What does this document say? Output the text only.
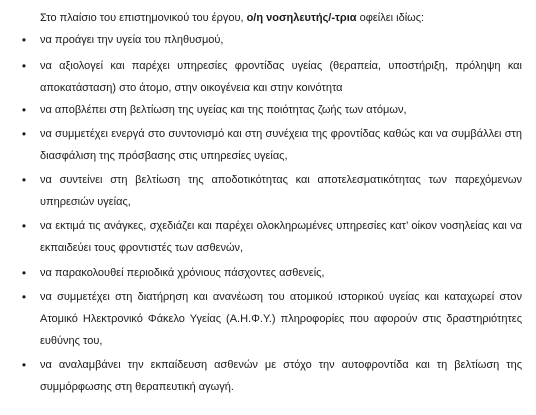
Στο πλαίσιο του επιστημονικού του έργου, ο/η νοσηλευτής/-τρια οφείλει ιδίως:
• να προάγει την υγεία του πληθυσμού,
• να αξιολογεί και παρέχει υπηρεσίες φροντίδας υγείας (θεραπεία, υποστήριξη, πρόληψη και αποκατάσταση) στο άτομο, στην οικογένεια και στην κοινότητα
• να αποβλέπει στη βελτίωση της υγείας και της ποιότητας ζωής των ατόμων,
• να συμμετέχει ενεργά στο συντονισμό και στη συνέχεια της φροντίδας καθώς και να συμβάλλει στη διασφάλιση της πρόσβασης στις υπηρεσίες υγείας,
• να συντείνει στη βελτίωση της αποδοτικότητας και αποτελεσματικότητας των παρεχόμενων υπηρεσιών υγείας,
• να εκτιμά τις ανάγκες, σχεδιάζει και παρέχει ολοκληρωμένες υπηρεσίες κατ’ οίκον νοσηλείας και να εκπαιδεύει τους φροντιστές των ασθενών,
• να παρακολουθεί περιοδικά χρόνιους πάσχοντες ασθενείς,
• να συμμετέχει στη διατήρηση και ανανέωση του ατομικού ιστορικού υγείας και καταχωρεί στον Ατομικό Ηλεκτρονικό Φάκελο Υγείας (Α.Η.Φ.Υ.) πληροφορίες που αφορούν στις δραστηριότητες ευθύνης του,
• να αναλαμβάνει την εκπαίδευση ασθενών με στόχο την αυτοφροντίδα και τη βελτίωση της συμμόρφωσης στη θεραπευτική αγωγή.
